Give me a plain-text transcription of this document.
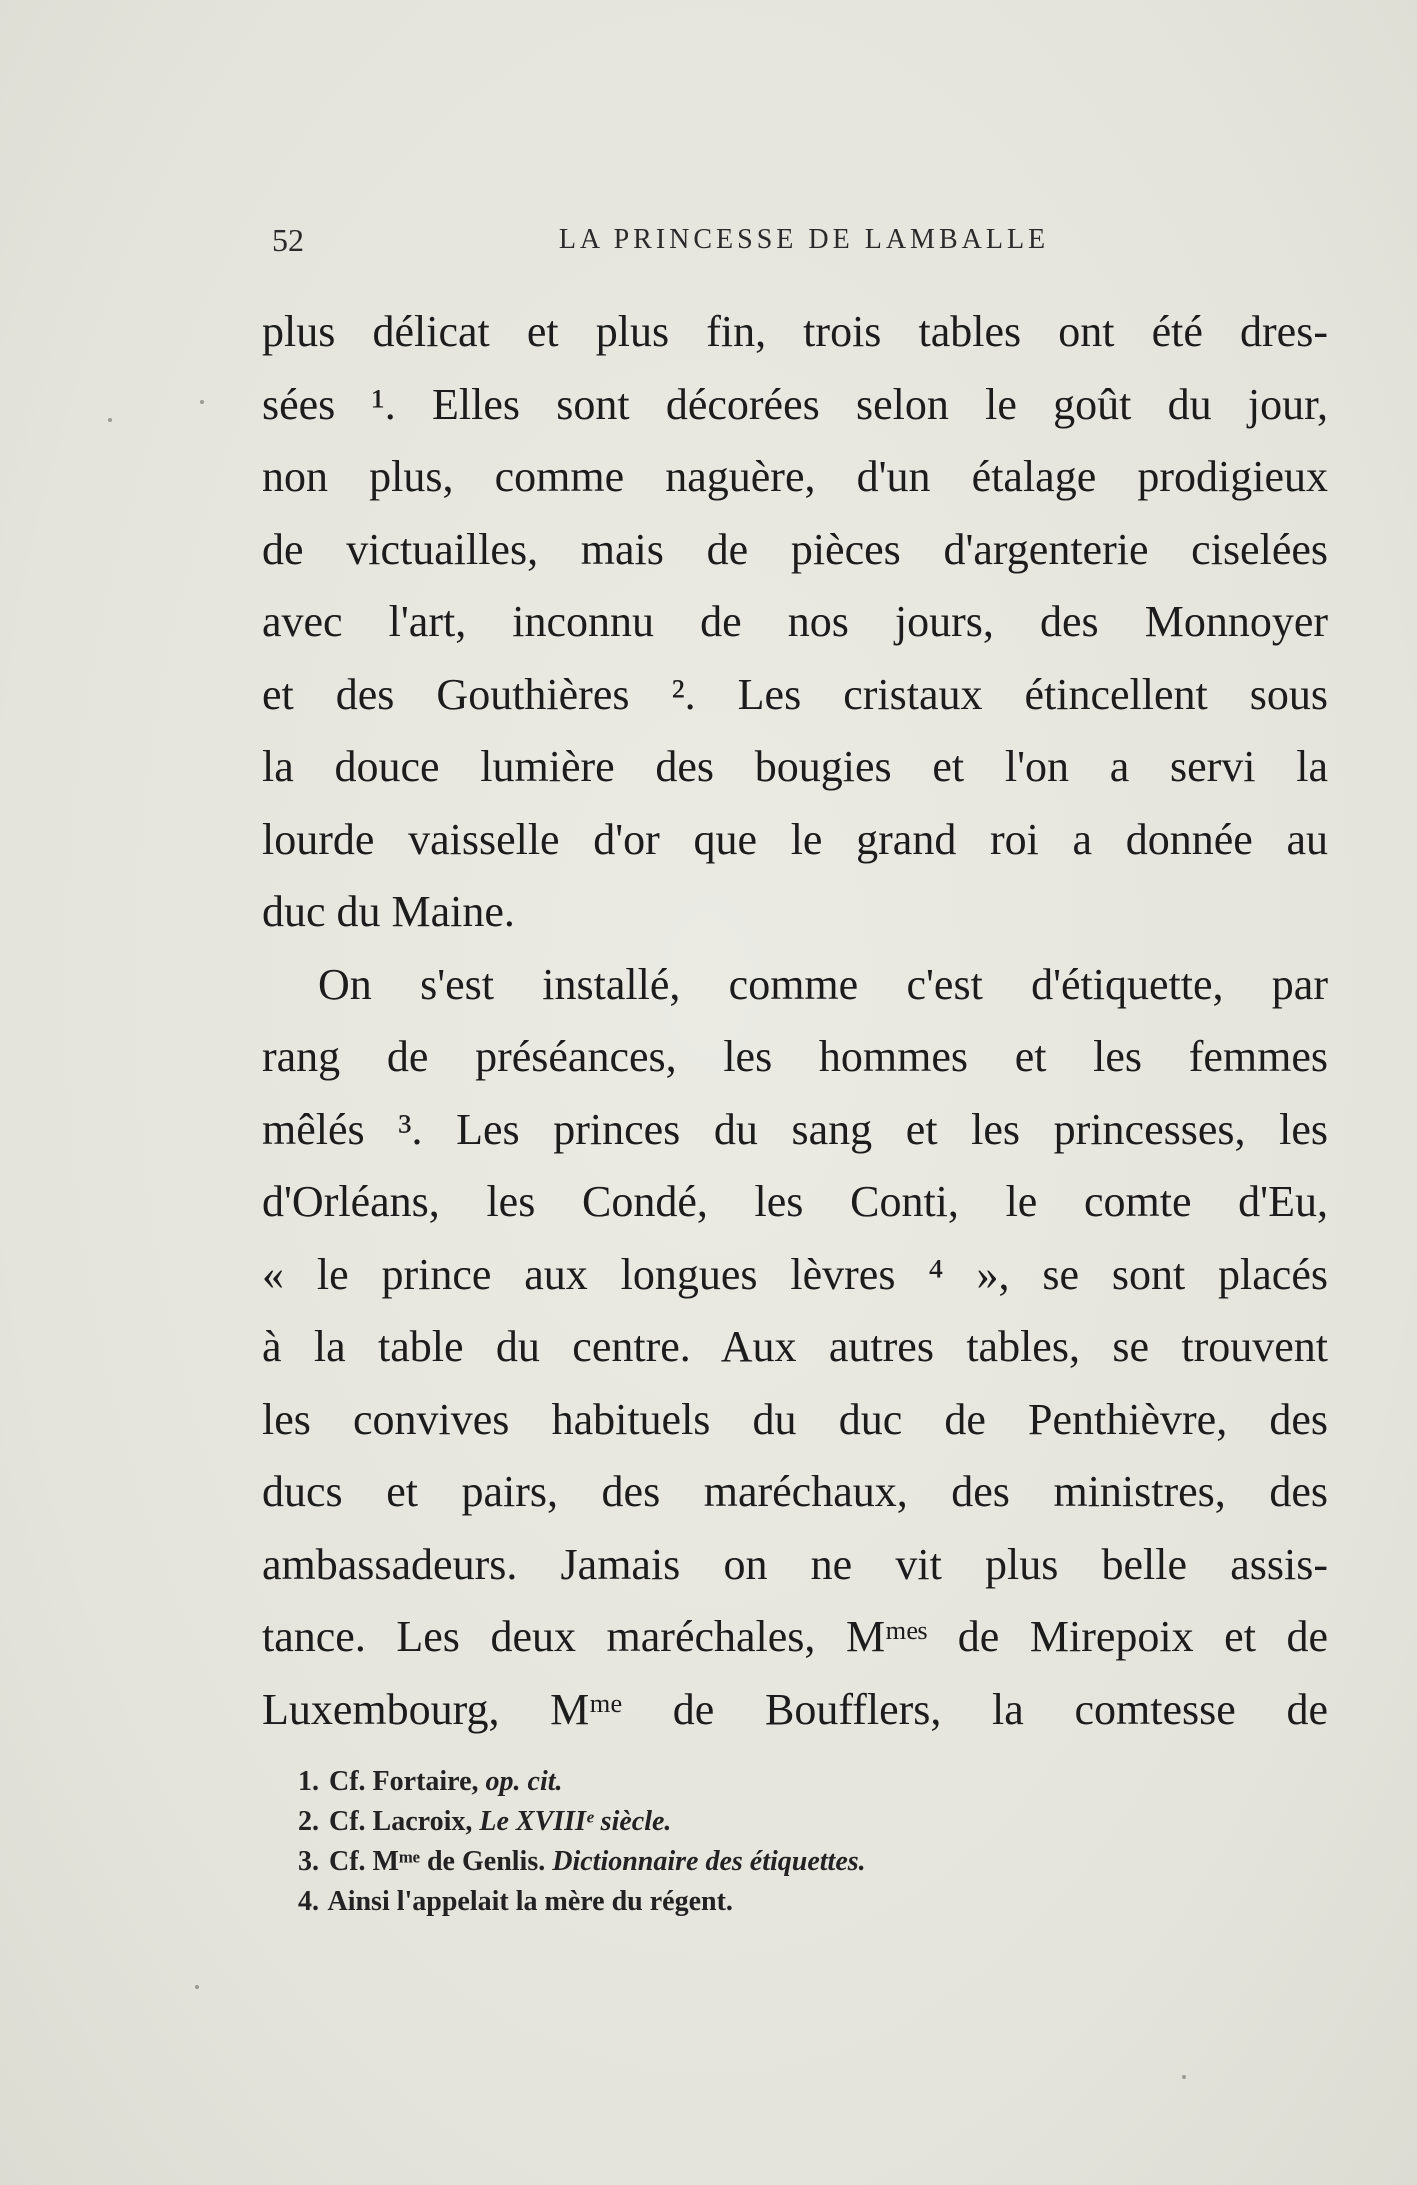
52	LA PRINCESSE DE LAMBALLE
plus délicat et plus fin, trois tables ont été dres-
sées ¹. Elles sont décorées selon le goût du jour,
non plus, comme naguère, d'un étalage prodigieux
de victuailles, mais de pièces d'argenterie ciselées
avec l'art, inconnu de nos jours, des Monnoyer
et des Gouthières ². Les cristaux étincellent sous
la douce lumière des bougies et l'on a servi la
lourde vaisselle d'or que le grand roi a donnée au
duc du Maine.
On s'est installé, comme c'est d'étiquette, par
rang de préséances, les hommes et les femmes
mêlés ³. Les princes du sang et les princesses, les
d'Orléans, les Condé, les Conti, le comte d'Eu,
« le prince aux longues lèvres ⁴ », se sont placés
à la table du centre. Aux autres tables, se trouvent
les convives habituels du duc de Penthièvre, des
ducs et pairs, des maréchaux, des ministres, des
ambassadeurs. Jamais on ne vit plus belle assis-
tance. Les deux maréchales, Mᵐᵉˢ de Mirepoix et de
Luxembourg, Mᵐᵉ de Boufflers, la comtesse de
1. Cf. Fortaire, op. cit.
2. Cf. Lacroix, Le XVIIIᵉ siècle.
3. Cf. Mᵐᵉ de Genlis. Dictionnaire des étiquettes.
4. Ainsi l'appelait la mère du régent.
